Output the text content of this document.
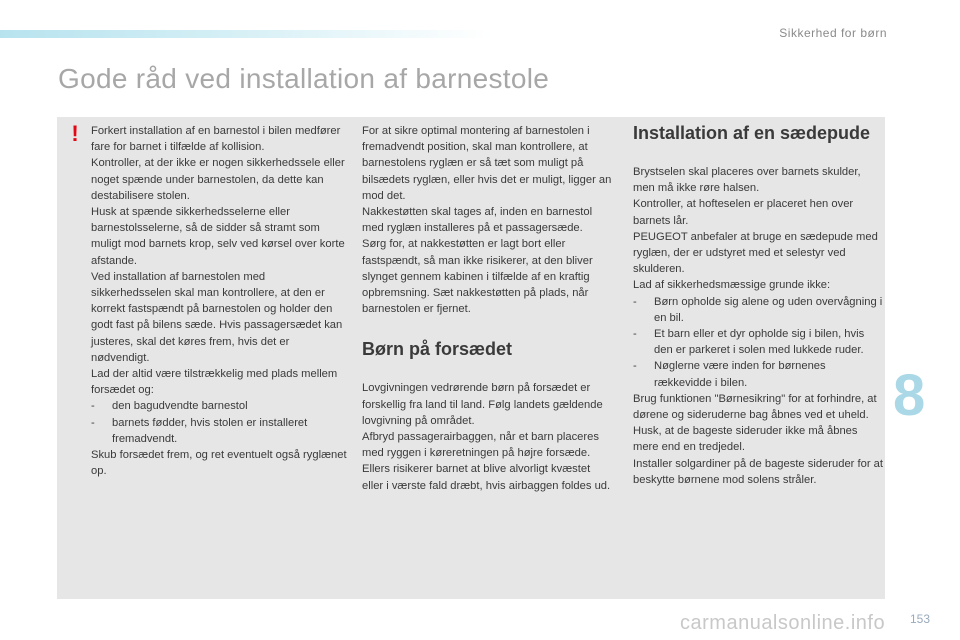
Sikkerhed for børn
Gode råd ved installation af barnestole
! Forkert installation af en barnestol i bilen medfører fare for barnet i tilfælde af kollision.

Kontroller, at der ikke er nogen sikkerhedssele eller noget spænde under barnestolen, da dette kan destabilisere stolen.

Husk at spænde sikkerhedsselerne eller barnestolsselerne, så de sidder så stramt som muligt mod barnets krop, selv ved kørsel over korte afstande.

Ved installation af barnestolen med sikkerhedsselen skal man kontrollere, at den er korrekt fastspændt på barnestolen og holder den godt fast på bilens sæde. Hvis passagersædet kan justeres, skal det køres frem, hvis det er nødvendigt.

Lad der altid være tilstrækkelig med plads mellem forsædet og:

- den bagudvendte barnestol
- barnets fødder, hvis stolen er installeret fremadvendt.

Skub forsædet frem, og ret eventuelt også ryglænet op.

For at sikre optimal montering af barnestolen i fremadvendt position, skal man kontrollere, at barnestolens ryglæn er så tæt som muligt på bilsædets ryglæn, eller hvis det er muligt, ligger an mod det.

Nakkestøtten skal tages af, inden en barnestol med ryglæn installeres på et passagersæde.

Sørg for, at nakkestøtten er lagt bort eller fastspændt, så man ikke risikerer, at den bliver slynget gennem kabinen i tilfælde af en kraftig opbremsning. Sæt nakkestøtten på plads, når barnestolen er fjernet.

Børn på forsædet

Lovgivningen vedrørende børn på forsædet er forskellig fra land til land. Følg landets gældende lovgivning på området.

Afbryd passagerairbaggen, når et barn placeres med ryggen i køreretningen på højre forsæde.

Ellers risikerer barnet at blive alvorligt kvæstet eller i værste fald dræbt, hvis airbaggen foldes ud.

Installation af en sædepude

Brystselen skal placeres over barnets skulder, men må ikke røre halsen.

Kontroller, at hofteselen er placeret hen over barnets lår.

PEUGEOT anbefaler at bruge en sædepude med ryglæn, der er udstyret med et selestyr ved skulderen.

Lad af sikkerhedsmæssige grunde ikke:

- Børn opholde sig alene og uden overvågning i en bil.
- Et barn eller et dyr opholde sig i bilen, hvis den er parkeret i solen med lukkede ruder.
- Nøglerne være inden for børnenes rækkevidde i bilen.

Brug funktionen "Børnesikring" for at forhindre, at dørene og sideruderne bag åbnes ved et uheld.

Husk, at de bageste sideruder ikke må åbnes mere end en tredjedel.

Installer solgardiner på de bageste sideruder for at beskytte børnene mod solens stråler.

8
carmanualsonline.info 153
